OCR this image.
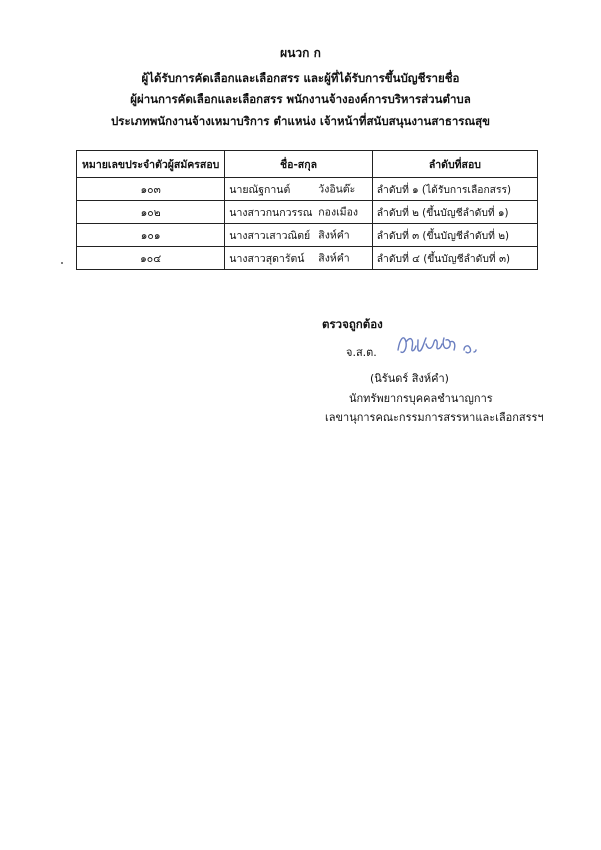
ผนวก ก
ผู้ได้รับการคัดเลือกและเลือกสรร และผู้ที่ได้รับการขึ้นบัญชีรายชื่อ
ผู้ผ่านการคัดเลือกและเลือกสรร พนักงานจ้างองค์การบริหารส่วนตำบล
ประเภทพนักงานจ้างเหมาบริการ ตำแหน่ง เจ้าหน้าที่สนับสนุนงานสาธารณสุข
หมายเลขประจำตัวผู้สมัครสอบ	ชื่อ-สกุล	ลำดับที่สอบ
๑๐๓	นายณัฐกานต์ วังอินต๊ะ	ลำดับที่ ๑ (ได้รับการเลือกสรร)
๑๐๒	นางสาวกนกวรรณ กองเมือง	ลำดับที่ ๒ (ขึ้นบัญชีลำดับที่ ๑)
๑๐๑	นางสาวเสาวณิตย์ สิงห์คำ	ลำดับที่ ๓ (ขึ้นบัญชีลำดับที่ ๒)
๑๐๔	นางสาวสุดารัตน์ สิงห์คำ	ลำดับที่ ๔ (ขึ้นบัญชีลำดับที่ ๓)
ตรวจถูกต้อง
จ.ส.ต.
(นิรันดร์ สิงห์คำ)
นักทรัพยากรบุคคลชำนาญการ
เลขานุการคณะกรรมการสรรหาและเลือกสรรฯ
